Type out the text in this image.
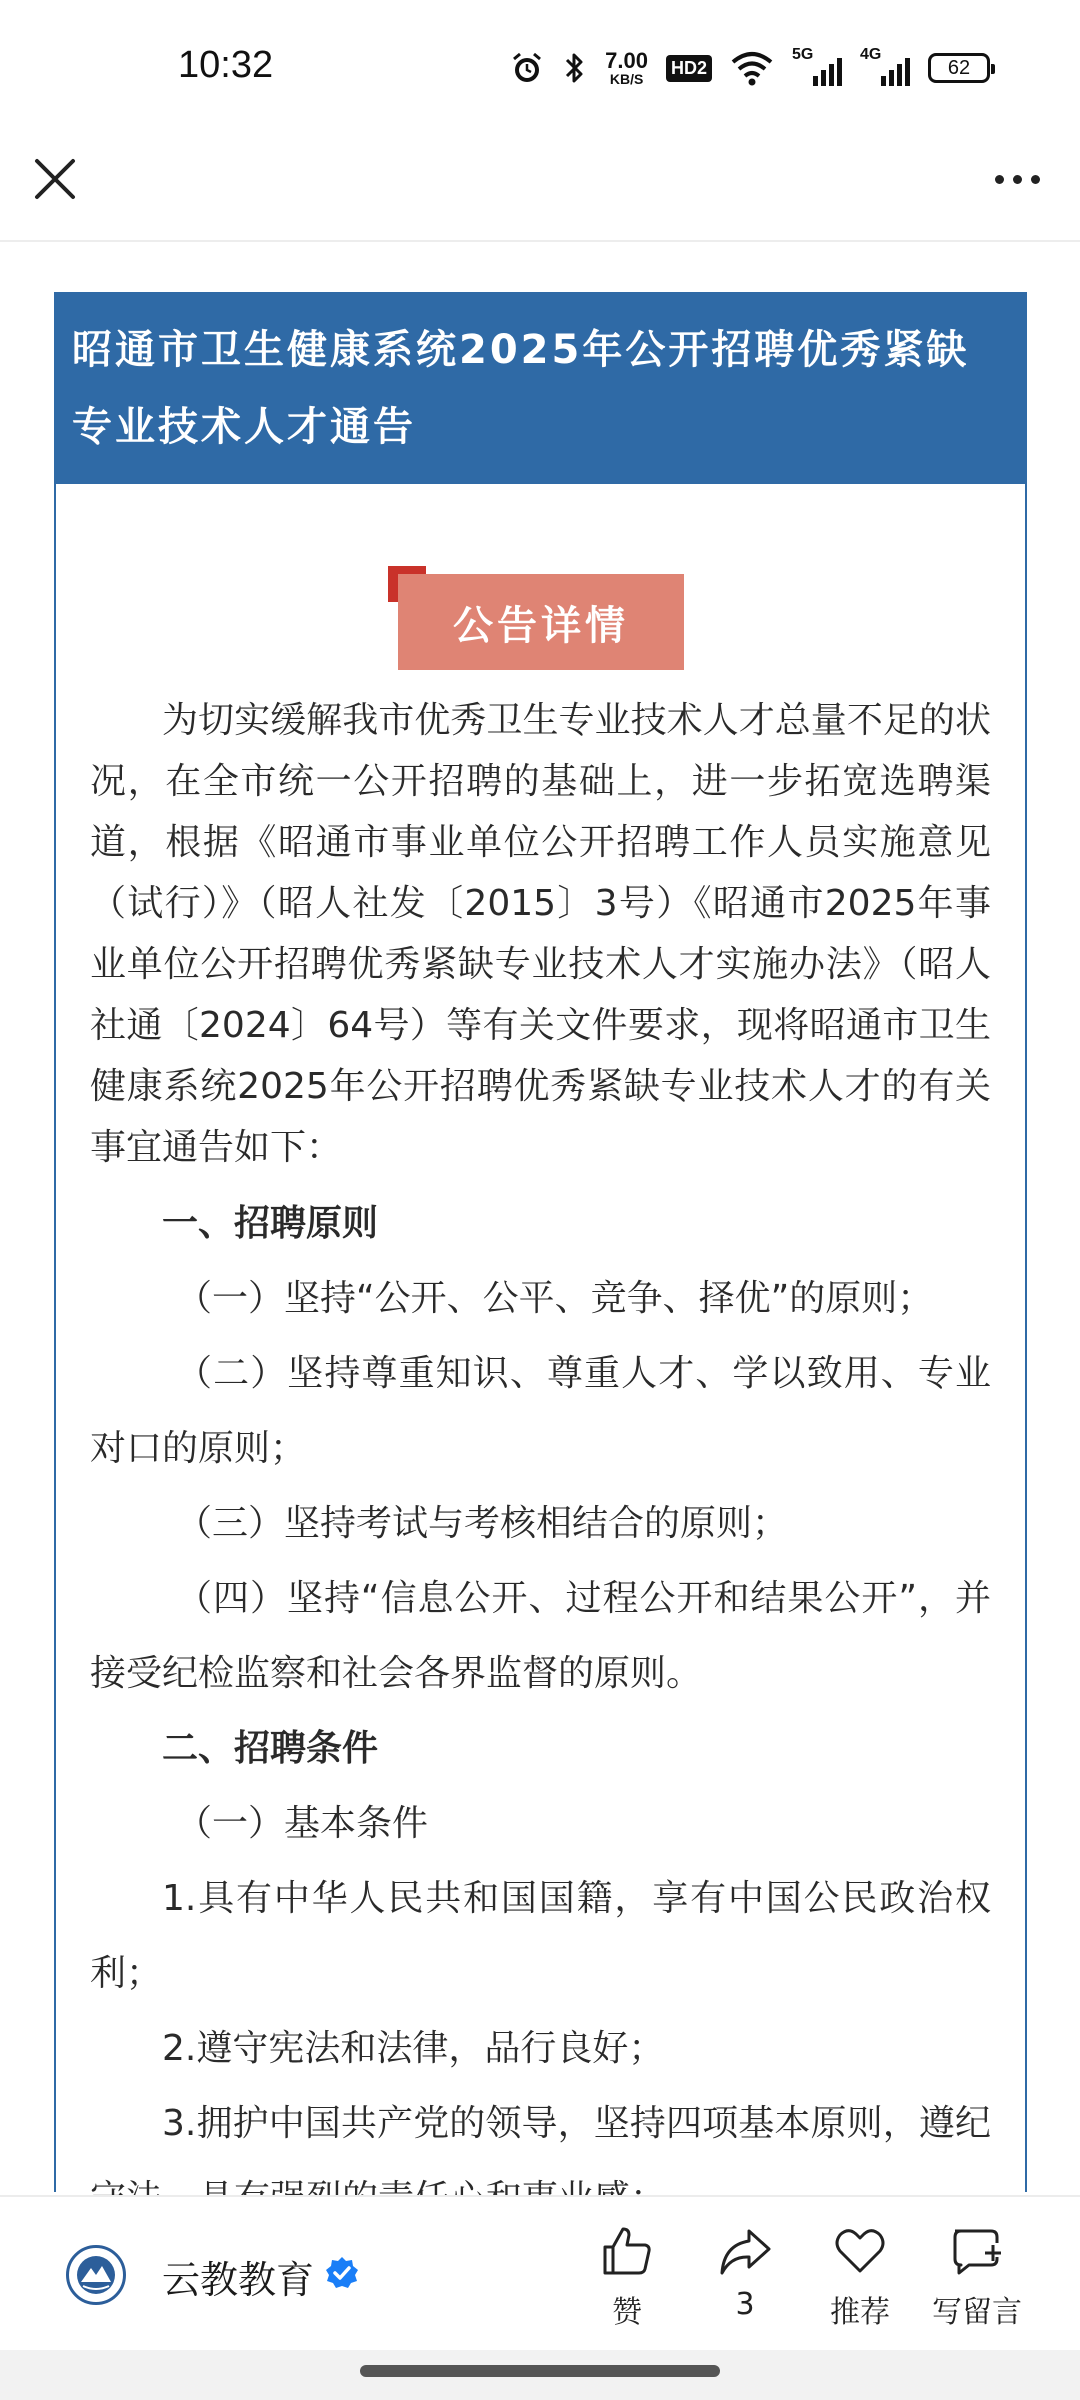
10:32	7.00
KB/S
HD2
5G	4G
62
昭通市卫生健康系统2025年公开招聘优秀紧缺专业技术人才通告
公告详情

为切实缓解我市优秀卫生专业技术人才总量不足的状况，在全市统一公开招聘的基础上，进一步拓宽选聘渠道，根据《昭通市事业单位公开招聘工作人员实施意见（试行）》（昭人社发〔2015〕3号）《昭通市2025年事业单位公开招聘优秀紧缺专业技术人才实施办法》（昭人社通〔2024〕64号）等有关文件要求，现将昭通市卫生健康系统2025年公开招聘优秀紧缺专业技术人才的有关事宜通告如下：

一、招聘原则

（一）坚持“公开、公平、竞争、择优”的原则；

（二）坚持尊重知识、尊重人才、学以致用、专业对口的原则；

（三）坚持考试与考核相结合的原则；

（四）坚持“信息公开、过程公开和结果公开”，并接受纪检监察和社会各界监督的原则。

二、招聘条件

（一）基本条件

1.具有中华人民共和国国籍，享有中国公民政治权利；

2.遵守宪法和法律，品行良好；

3.拥护中国共产党的领导，坚持四项基本原则，遵纪

云教教育
赞	3	推荐 写留言
